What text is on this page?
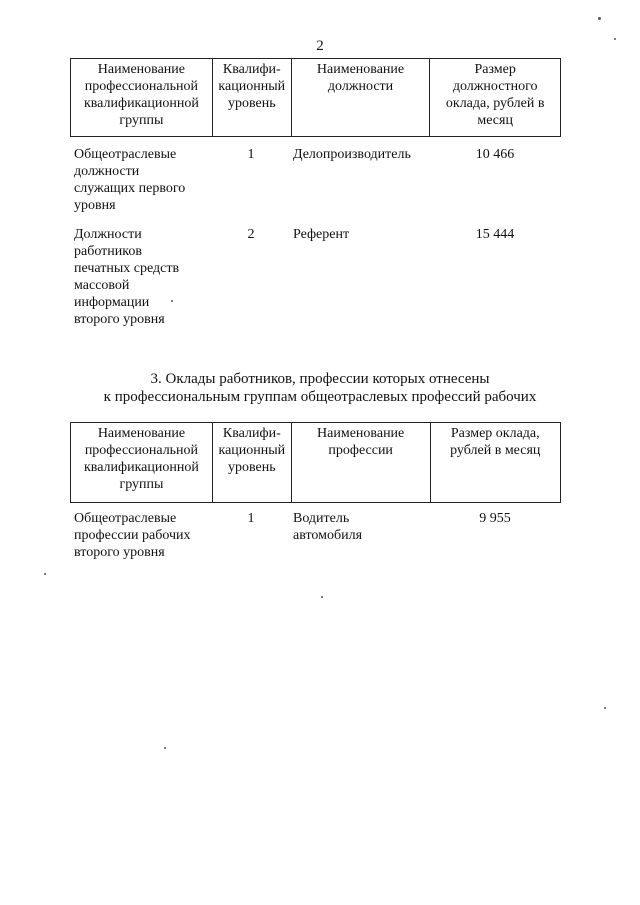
2
Наименование профессиональной квалификационной группы	Квалифи-кационный уровень	Наименование должности	Размер должностного оклада, рублей в месяц
Общеотраслевые
должности
служащих первого
уровня
1	Делопроизводитель	10 466
Должности
работников
печатных средств
массовой
информации
второго уровня
2	Референт	15 444
3. Оклады работников, профессии которых отнесены
к профессиональным группам общеотраслевых профессий рабочих
Наименование профессиональной квалификационной группы	Квалифи-кационный уровень	Наименование профессии	Размер оклада, рублей в месяц
Общеотраслевые
профессии рабочих
второго уровня
1	Водитель
автомобиля
9 955
